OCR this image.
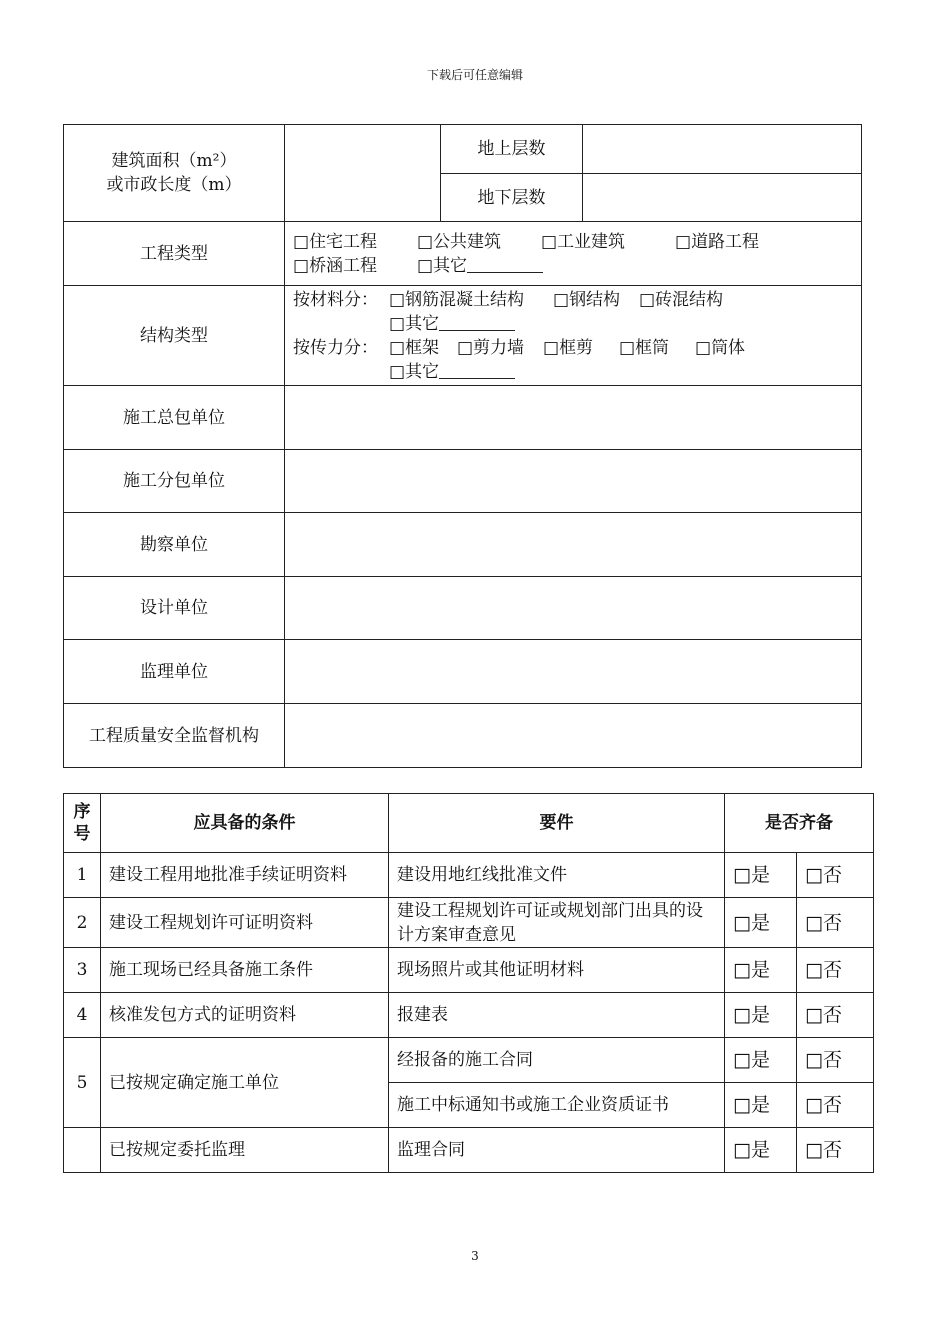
下载后可任意编辑
建筑面积（m²）
或市政长度（m）		地上层数	
		地下层数	
工程类型	□ 住宅工程 □ 公共建筑 □ 工业建筑 □ 道路工程
□ 桥涵工程 □ 其它

结构类型	按材料分： □ 钢筋混凝土结构 □ 钢结构 □ 砖混结构
□ 其它
按传力分： □ 框架 □ 剪力墙 □ 框剪 □ 框筒 □ 筒体
□ 其它

施工总包单位			
施工分包单位			
勘察单位			
设计单位			
监理单位			
工程质量安全监督机构			
序号	应具备的条件	要件	是否齐备	
1	建设工程用地批准手续证明资料	建设用地红线批准文件	□ 是	□ 否
2	建设工程规划许可证明资料	建设工程规划许可证或规划部门出具的设计方案审查意见	□ 是	□ 否
3	施工现场已经具备施工条件	现场照片或其他证明材料	□ 是	□ 否
4	核准发包方式的证明资料	报建表	□ 是	□ 否
5	已按规定确定施工单位	经报备的施工合同	□ 是	□ 否
		施工中标通知书或施工企业资质证书	□ 是	□ 否
	已按规定委托监理	监理合同	□ 是	□ 否
3
